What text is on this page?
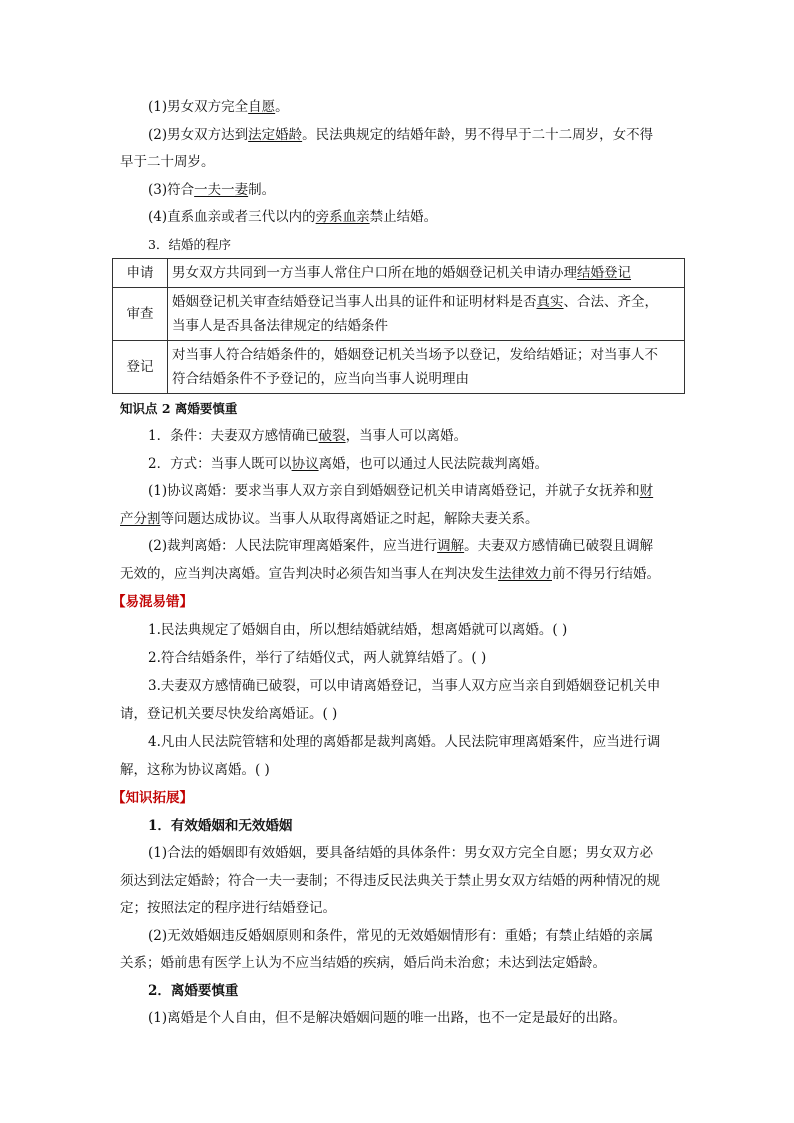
(1)男女双方完全自愿。
(2)男女双方达到法定婚龄。民法典规定的结婚年龄，男不得早于二十二周岁，女不得
早于二十周岁。
(3)符合一夫一妻制。
(4)直系血亲或者三代以内的旁系血亲禁止结婚。
3．结婚的程序
申请	男女双方共同到一方当事人常住户口所在地的婚姻登记机关申请办理结婚登记
审查	婚姻登记机关审查结婚登记当事人出具的证件和证明材料是否真实、合法、齐全，
当事人是否具备法律规定的结婚条件
登记	对当事人符合结婚条件的，婚姻登记机关当场予以登记，发给结婚证；对当事人不
符合结婚条件不予登记的，应当向当事人说明理由
知识点 2 离婚要慎重
1．条件：夫妻双方感情确已破裂，当事人可以离婚。
2．方式：当事人既可以协议离婚，也可以通过人民法院裁判离婚。
(1)协议离婚：要求当事人双方亲自到婚姻登记机关申请离婚登记，并就子女抚养和财
产分割等问题达成协议。当事人从取得离婚证之时起，解除夫妻关系。
(2)裁判离婚：人民法院审理离婚案件，应当进行调解。夫妻双方感情确已破裂且调解
无效的，应当判决离婚。宣告判决时必须告知当事人在判决发生法律效力前不得另行结婚。
【易混易错】
1.民法典规定了婚姻自由，所以想结婚就结婚，想离婚就可以离婚。( )
2.符合结婚条件，举行了结婚仪式，两人就算结婚了。( )
3.夫妻双方感情确已破裂，可以申请离婚登记，当事人双方应当亲自到婚姻登记机关申
请，登记机关要尽快发给离婚证。( )
4.凡由人民法院管辖和处理的离婚都是裁判离婚。人民法院审理离婚案件，应当进行调
解，这称为协议离婚。( )
【知识拓展】
1．有效婚姻和无效婚姻
(1)合法的婚姻即有效婚姻，要具备结婚的具体条件：男女双方完全自愿；男女双方必
须达到法定婚龄；符合一夫一妻制；不得违反民法典关于禁止男女双方结婚的两种情况的规
定；按照法定的程序进行结婚登记。
(2)无效婚姻违反婚姻原则和条件，常见的无效婚姻情形有：重婚；有禁止结婚的亲属
关系；婚前患有医学上认为不应当结婚的疾病，婚后尚未治愈；未达到法定婚龄。
2．离婚要慎重
(1)离婚是个人自由，但不是解决婚姻问题的唯一出路，也不一定是最好的出路。
